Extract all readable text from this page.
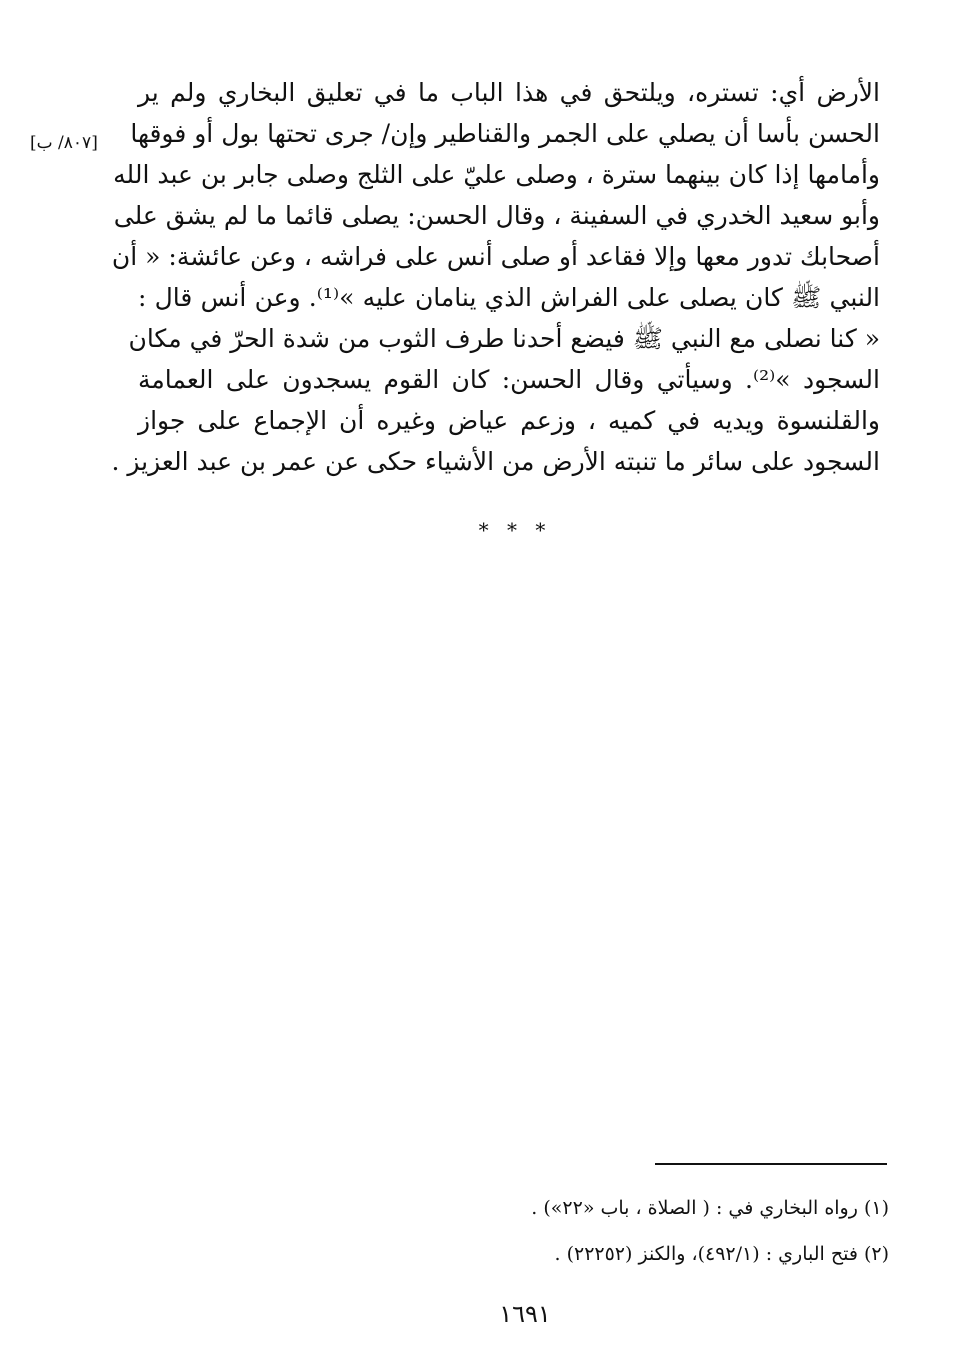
الأرض أي: تستره، ويلتحق في هذا الباب ما في تعليق البخاري ولم ير
الحسن بأسا أن يصلي على الجمر والقناطير وإن/ جرى تحتها بول أو فوقها
وأمامها إذا كان بينهما سترة ، وصلى عليّ على الثلج وصلى جابر بن عبد الله
وأبو سعيد الخدري في السفينة ، وقال الحسن: يصلى قائما ما لم يشق على
أصحابك تدور معها وإلا فقاعد أو صلى أنس على فراشه ، وعن عائشة: « أن
النبي ﷺ كان يصلى على الفراش الذي ينامان عليه »⁽¹⁾. وعن أنس قال :
« كنا نصلى مع النبي ﷺ فيضع أحدنا طرف الثوب من شدة الحرّ في مكان
السجود »⁽²⁾. وسيأتي وقال الحسن: كان القوم يسجدون على العمامة
والقلنسوة ويديه في كميه ، وزعم عياض وغيره أن الإجماع على جواز
السجود على سائر ما تنبته الأرض من الأشياء حكى عن عمر بن عبد العزيز .
[٨٠٧/ ب]
* * *
(١) رواه البخاري في : ( الصلاة ، باب «٢٢») .
(٢) فتح الباري : (٤٩٢/١)، والكنز (٢٢٢٥٢) .
١٦٩١
